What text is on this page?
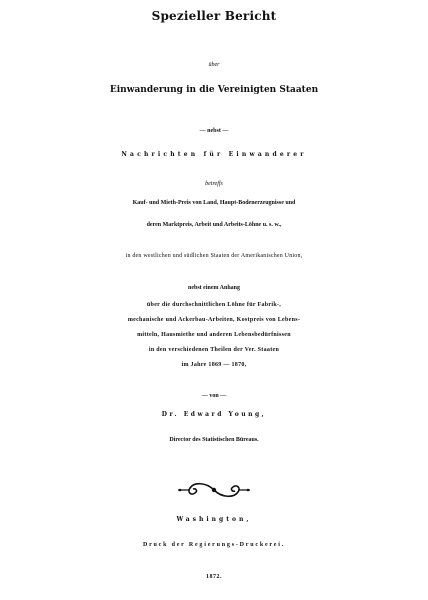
Spezieller Bericht
über
Einwanderung in die Vereinigten Staaten
— nebst —
Nachrichten für Einwanderer
betreffs
Kauf- und Mieth-Preis von Land, Haupt-Bodenerzeugnisse und
deren Marktpreis, Arbeit und Arbeits-Löhne u. s. w.,
in den westlichen und südlichen Staaten der Amerikanischen Union,
nebst einem Anhang
über die durchschnittlichen Löhne für Fabrik-,
mechanische und Ackerbau-Arbeiten, Kostpreis von Lebens-
mitteln, Hausmiethe und anderen Lebensbedürfnissen
in den verschiedenen Theilen der Ver. Staaten
im Jahre 1869 — 1870,
— von —
Dr. Edward Young,
Director des Statistischen Büreaus.
Washington,
Druck der Regierungs-Druckerei.
1872.
